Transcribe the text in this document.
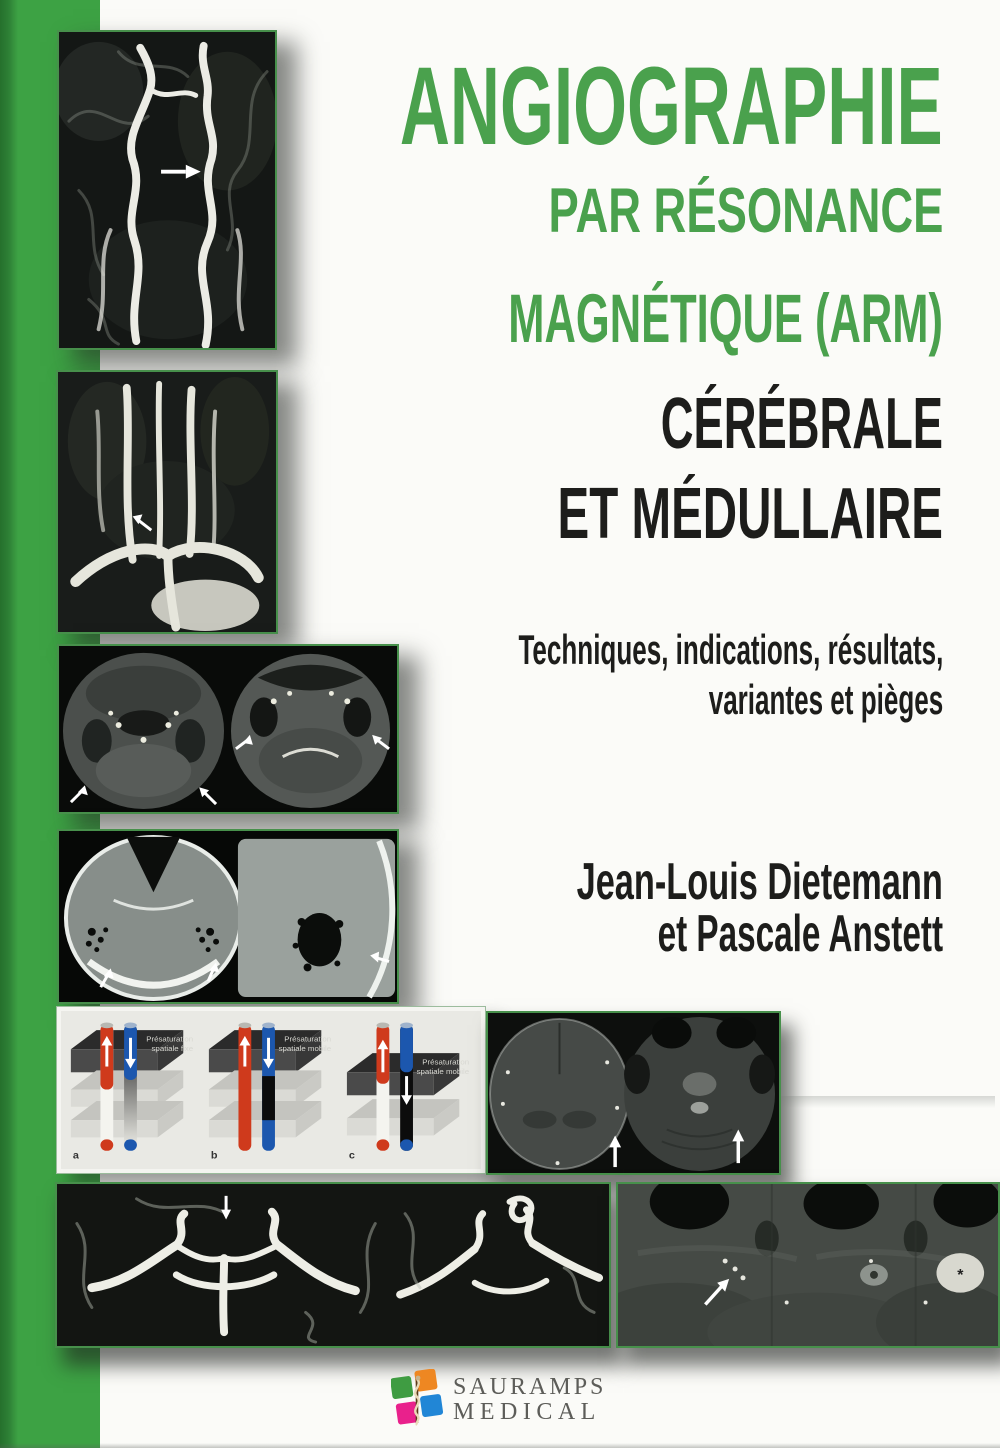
Présaturation
spatiale fixe
a
Présaturation
spatiale mobile
b
Présaturation
spatiale mobile
c
*
ANGIOGRAPHIE
PAR RÉSONANCE
MAGNÉTIQUE (ARM)
CÉRÉBRALE
ET MÉDULLAIRE
Techniques, indications, résultats,
variantes et pièges
Jean-Louis Dietemann
et Pascale Anstett
SAURAMPS
MEDICAL
